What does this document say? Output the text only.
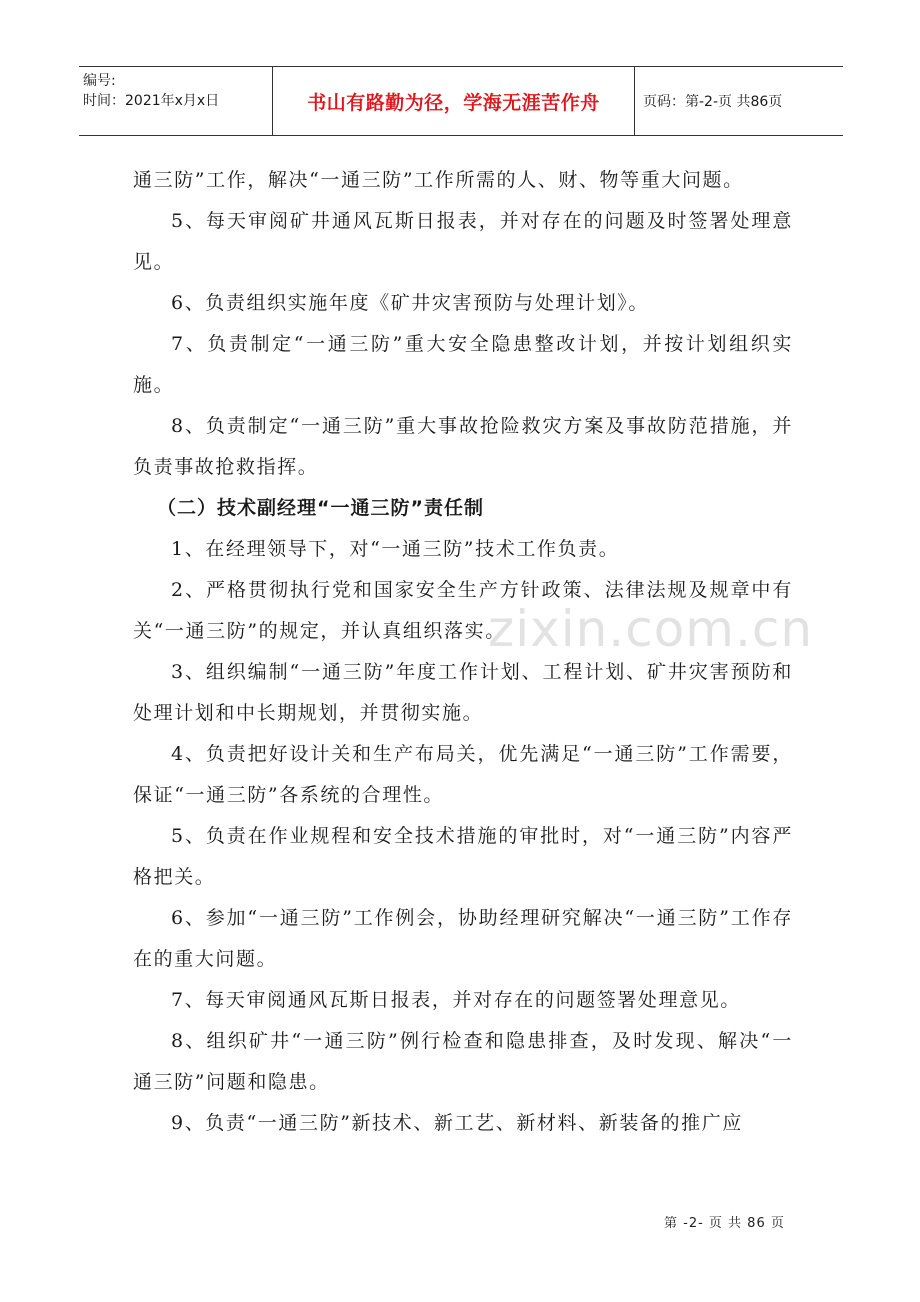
编号:
时间：2021年x月x日	书山有路勤为径，学海无涯苦作舟	页码：第-2-页 共86页

通三防”工作，解决“一通三防”工作所需的人、财、物等重大问题。

5、每天审阅矿井通风瓦斯日报表，并对存在的问题及时签署处理意见。

6、负责组织实施年度《矿井灾害预防与处理计划》。

7、负责制定“一通三防”重大安全隐患整改计划，并按计划组织实施。

8、负责制定“一通三防”重大事故抢险救灾方案及事故防范措施，并负责事故抢救指挥。

（二）技术副经理“一通三防”责任制

1、在经理领导下，对“一通三防”技术工作负责。

2、严格贯彻执行党和国家安全生产方针政策、法律法规及规章中有关“一通三防”的规定，并认真组织落实。

3、组织编制“一通三防”年度工作计划、工程计划、矿井灾害预防和处理计划和中长期规划，并贯彻实施。

4、负责把好设计关和生产布局关，优先满足“一通三防”工作需要，保证“一通三防”各系统的合理性。

5、负责在作业规程和安全技术措施的审批时，对“一通三防”内容严格把关。

6、参加“一通三防”工作例会，协助经理研究解决“一通三防”工作存在的重大问题。

7、每天审阅通风瓦斯日报表，并对存在的问题签署处理意见。

8、组织矿井“一通三防”例行检查和隐患排查，及时发现、解决“一通三防”问题和隐患。

9、负责“一通三防”新技术、新工艺、新材料、新装备的推广应

zixin.com.cn
第 -2- 页 共 86 页
